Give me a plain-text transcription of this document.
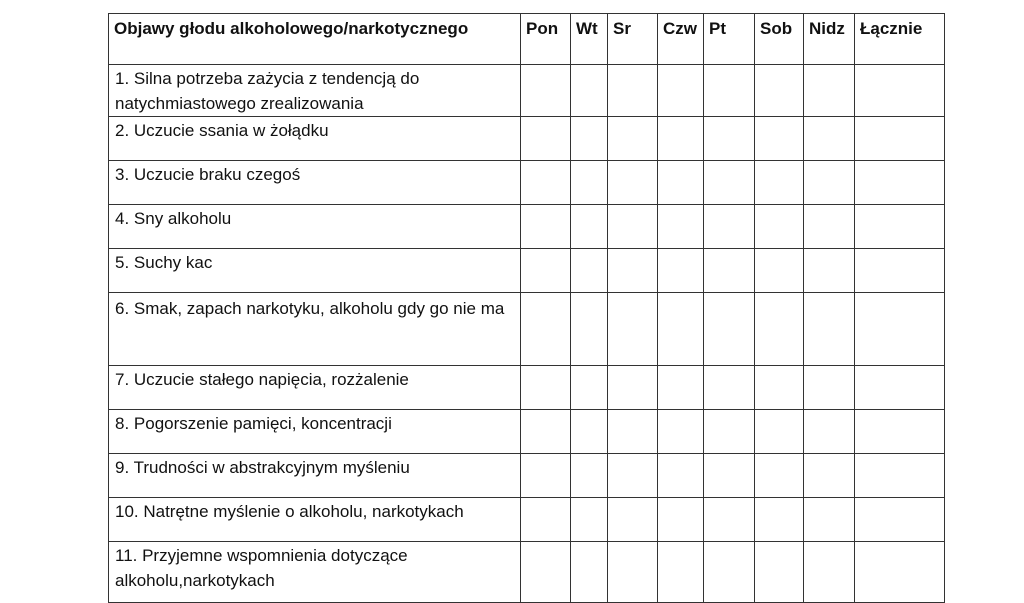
Objawy głodu alkoholowego/narkotycznego	Pon	Wt	Sr	Czw	Pt	Sob	Nidz	Łącznie

1. Silna potrzeba zażycia z tendencją do natychmiastowego zrealizowania								

2. Uczucie ssania w żołądku								

3. Uczucie braku czegoś								

4. Sny alkoholu								

5. Suchy kac								

6. Smak, zapach narkotyku, alkoholu gdy go nie ma								

7. Uczucie stałego napięcia, rozżalenie								

8. Pogorszenie pamięci, koncentracji								

9. Trudności w abstrakcyjnym myśleniu								

10. Natrętne myślenie o alkoholu, narkotykach								

11. Przyjemne wspomnienia dotyczące alkoholu,narkotykach								
